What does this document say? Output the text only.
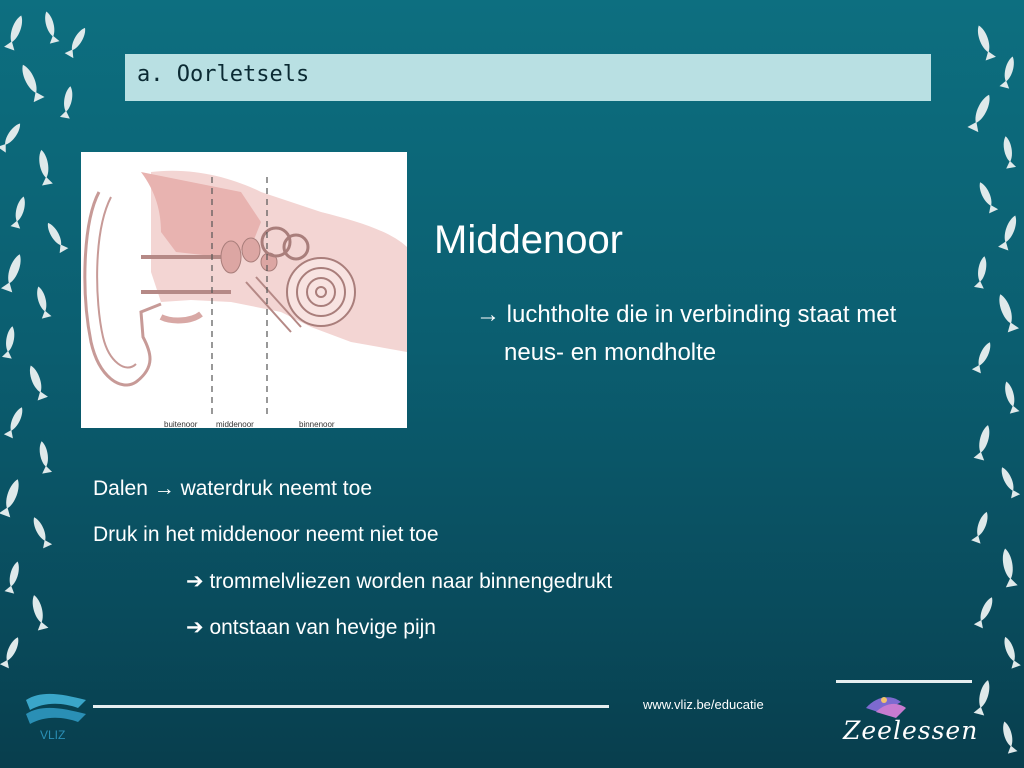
a. Oorletsels
buitenoor middenoor	binnenoor
Middenoor
→ luchtholte die in verbinding staat met
neus- en mondholte
Dalen → waterdruk neemt toe
Druk in het middenoor neemt niet toe
➔ trommelvliezen worden naar binnengedrukt
➔ ontstaan van hevige pijn
www.vliz.be/educatie
VLIZ	Zeelessen
